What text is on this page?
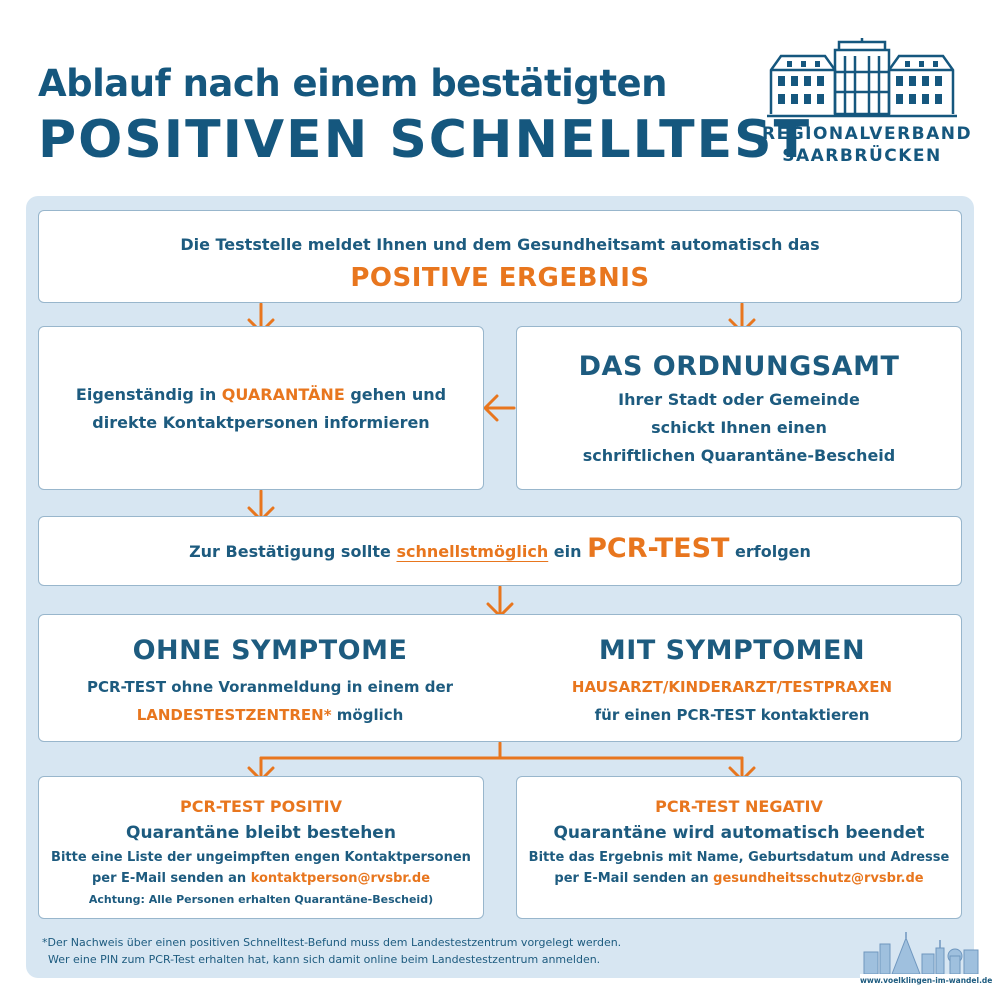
Ablauf nach einem bestätigten
POSITIVEN SCHNELLTEST
REGIONALVERBAND
SAARBRÜCKEN
Die Teststelle meldet Ihnen und dem Gesundheitsamt automatisch das
POSITIVE ERGEBNIS
Eigenständig in QUARANTÄNE gehen und
direkte Kontaktpersonen informieren
DAS ORDNUNGSAMT
Ihrer Stadt oder Gemeinde
schickt Ihnen einen
schriftlichen Quarantäne-Bescheid
Zur Bestätigung sollte schnellstmöglich ein PCR-TEST erfolgen
OHNE SYMPTOME
PCR-TEST ohne Voranmeldung in einem der
LANDESTESTZENTREN* möglich
MIT SYMPTOMEN
HAUSARZT/KINDERARZT/TESTPRAXEN
für einen PCR-TEST kontaktieren
PCR-TEST POSITIV
Quarantäne bleibt bestehen
Bitte eine Liste der ungeimpften engen Kontaktpersonen
per E-Mail senden an kontaktperson@rvsbr.de
Achtung: Alle Personen erhalten Quarantäne-Bescheid)
PCR-TEST NEGATIV
Quarantäne wird automatisch beendet
Bitte das Ergebnis mit Name, Geburtsdatum und Adresse
per E-Mail senden an gesundheitsschutz@rvsbr.de
*Der Nachweis über einen positiven Schnelltest-Befund muss dem Landestestzentrum vorgelegt werden.
Wer eine PIN zum PCR-Test erhalten hat, kann sich damit online beim Landestestzentrum anmelden.
www.voelklingen-im-wandel.de
